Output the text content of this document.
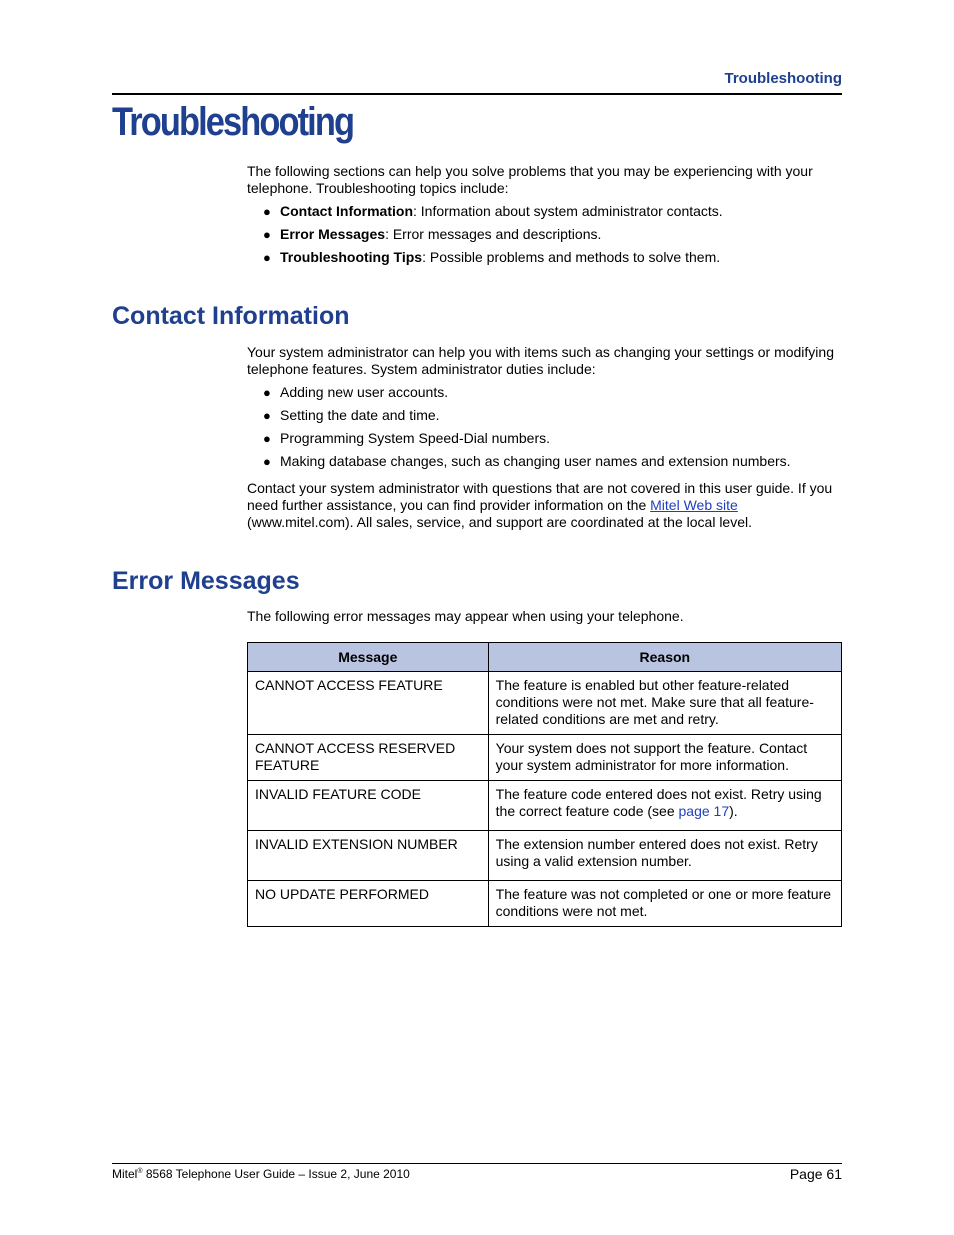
Troubleshooting
Troubleshooting

The following sections can help you solve problems that you may be experiencing with your telephone. Troubleshooting topics include:

● Contact Information: Information about system administrator contacts.
● Error Messages: Error messages and descriptions.
● Troubleshooting Tips: Possible problems and methods to solve them.
Contact Information

Your system administrator can help you with items such as changing your settings or modifying telephone features. System administrator duties include:

● Adding new user accounts.
● Setting the date and time.
● Programming System Speed-Dial numbers.
● Making database changes, such as changing user names and extension numbers.

Contact your system administrator with questions that are not covered in this user guide. If you need further assistance, you can find provider information on the Mitel Web site (www.mitel.com). All sales, service, and support are coordinated at the local level.

Error Messages

The following error messages may appear when using your telephone.

Message	Reason
CANNOT ACCESS FEATURE	The feature is enabled but other feature-related conditions were not met. Make sure that all feature-related conditions are met and retry.
CANNOT ACCESS RESERVED FEATURE	Your system does not support the feature. Contact your system administrator for more information.
INVALID FEATURE CODE	The feature code entered does not exist. Retry using the correct feature code (see page 17).
INVALID EXTENSION NUMBER	The extension number entered does not exist. Retry using a valid extension number.
NO UPDATE PERFORMED	The feature was not completed or one or more feature conditions were not met.
Mitel® 8568 Telephone User Guide – Issue 2, June 2010	Page 61
